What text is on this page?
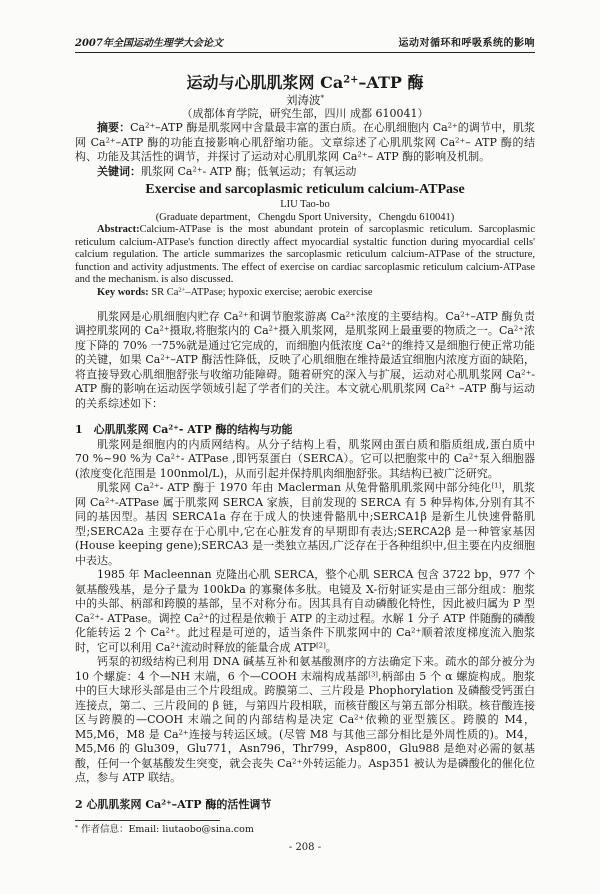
2007年全国运动生理学大会论文	运动对循环和呼吸系统的影响
运动与心肌肌浆网 $Ca^{2+}$–ATP 酶
刘涛波*
（成都体育学院，研究生部，四川 成都 610041）

摘要：$Ca^{2+}$–ATP 酶是肌浆网中含量最丰富的蛋白质。在心肌细胞内 $Ca^{2+}$的调节中，肌浆网 $Ca^{2+}$–ATP 酶的功能直接影响心肌舒缩功能。文章综述了心肌肌浆网 $Ca^{2+}-$ ATP 酶的结构、功能及其活性的调节，并探讨了运动对心肌肌浆网 $Ca^{2+}-$ ATP 酶的影响及机制。

关键词：肌浆网 $Ca^{2+}-$ ATP 酶；低氧运动；有氧运动

Exercise and sarcoplasmic reticulum calcium-ATPase
LIU Tao-bo
(Graduate department，Chengdu Sport University，Chengdu 610041)

Abstract:Calcium-ATPase is the most abundant protein of sarcoplasmic reticulum. Sarcoplasmic reticulum calcium-ATPase's function directly affect myocardial systaltic function during myocardial cells' calcium regulation. The article summarizes the sarcoplasmic reticulum calcium-ATPase of the structure, function and activity adjustments. The effect of exercise on cardiac sarcoplasmic reticulum calcium-ATPase and the mechanism. is also discussed.

Key words: SR $Ca^{2+}$–ATPase; hypoxic exercise; aerobic exercise

肌浆网是心肌细胞内贮存 $Ca^{2+}$和调节胞浆游离 $Ca^{2+}$浓度的主要结构。$Ca^{2+}$–ATP 酶负责调控肌浆网的 $Ca^{2+}$摄取,将胞浆内的 $Ca^{2+}$摄入肌浆网，是肌浆网上最重要的物质之一。$Ca^{2+}$浓度下降的 70% 一75%就是通过它完成的，而细胞内低浓度 $Ca^{2+}$的维持又是细胞行使正常功能的关键，如果 $Ca^{2+}$–ATP 酶活性降低，反映了心肌细胞在维持最适宜细胞内浓度方面的缺陷，将直接导致心肌细胞舒张与收缩功能障碍。随着研究的深入与扩展，运动对心肌肌浆网 $Ca^{2+}-$ ATP 酶的影响在运动医学领域引起了学者们的关注。本文就心肌肌浆网 $Ca^{2+}$ –ATP 酶与运动的关系综述如下：

1　心肌肌浆网 $Ca^{2+}-$ ATP 酶的结构与功能

肌浆网是细胞内的内质网结构。从分子结构上看，肌浆网由蛋白质和脂质组成,蛋白质中 70 %~90 %为 $Ca^{2+}-$ ATPase ,即钙泵蛋白（SERCA）。它可以把胞浆中的 $Ca^{2+}$泵入细胞器(浓度变化范围是 100nmol/L)，从而引起并保持肌肉细胞舒张。其结构已被广泛研究。

肌浆网 $Ca^{2+}-$ ATP 酶于 1970 年由 Maclerman 从兔骨骼肌肌浆网中部分纯化[1]，肌浆网 $Ca^{2+}$-ATPase 属于肌浆网 SERCA 家族，目前发现的 SERCA 有 5 种异构体,分别有其不同的基因型。基因 SERCA1a 存在于成人的快速骨骼肌中;SERCA1β 是新生儿快速骨骼肌型;SERCA2a 主要存在于心肌中,它在心脏发育的早期即有表达;SERCA2β 是一种管家基因(House keeping gene);SERCA3 是一类独立基因,广泛存在于各种组织中,但主要在内皮细胞中表达。

1985 年 Macleennan 克隆出心肌 SERCA，整个心肌 SERCA 包含 3722 bp，977 个氨基酸残基，是分子量为 100kDa 的寡聚体多肽。电镜及 X-衍射证实是由三部分组成：胞浆中的头部、柄部和跨膜的基部，呈不对称分布。因其具有自动磷酸化特性，因此被归属为 P 型 $Ca^{2+}-$ ATPase。调控 $Ca^{2+}$的过程是依赖于 ATP 的主动过程。水解 1 分子 ATP 伴随酶的磷酸化能转运 2 个 $Ca^{2+}$。此过程是可逆的，适当条件下肌浆网中的 $Ca^{2+}$顺着浓度梯度流入胞浆时，它可以利用 $Ca^{2+}$流动时释放的能量合成 ATP[2]。

钙泵的初级结构已利用 DNA 碱基互补和氨基酸测序的方法确定下来。疏水的部分被分为 10 个螺旋：4 个—NH 末端，6 个—COOH 末端构成基部[3],柄部由 5 个 α 螺旋构成。胞浆中的巨大球形头部是由三个片段组成。跨膜第二、三片段是 Phophorylation 及磷酸受钙蛋白连接点，第二、三片段间的 β 链，与第四片段相联，而核苷酸区与第五部分相联。核苷酸连接区与跨膜的—COOH 末端之间的内部结构是决定 $Ca^{2+}$依赖的亚型簇区。跨膜的 M4，M5,M6，M8 是 $Ca^{2+}$连接与转运区域。(尽管 M8 与其他三部分相比是外周性质的)。M4，M5,M6 的 Glu309，Glu771，Asn796，Thr799，Asp800，Glu988 是绝对必需的氨基酸，任何一个氨基酸发生突变，就会丧失 $Ca^{2+}$外转运能力。Asp351 被认为是磷酸化的催化位点，参与 ATP 联结。

2 心肌肌浆网 $Ca^{2+}$–ATP 酶的活性调节

* 作者信息：Email: liutaobo@sina.com
- 208 -
